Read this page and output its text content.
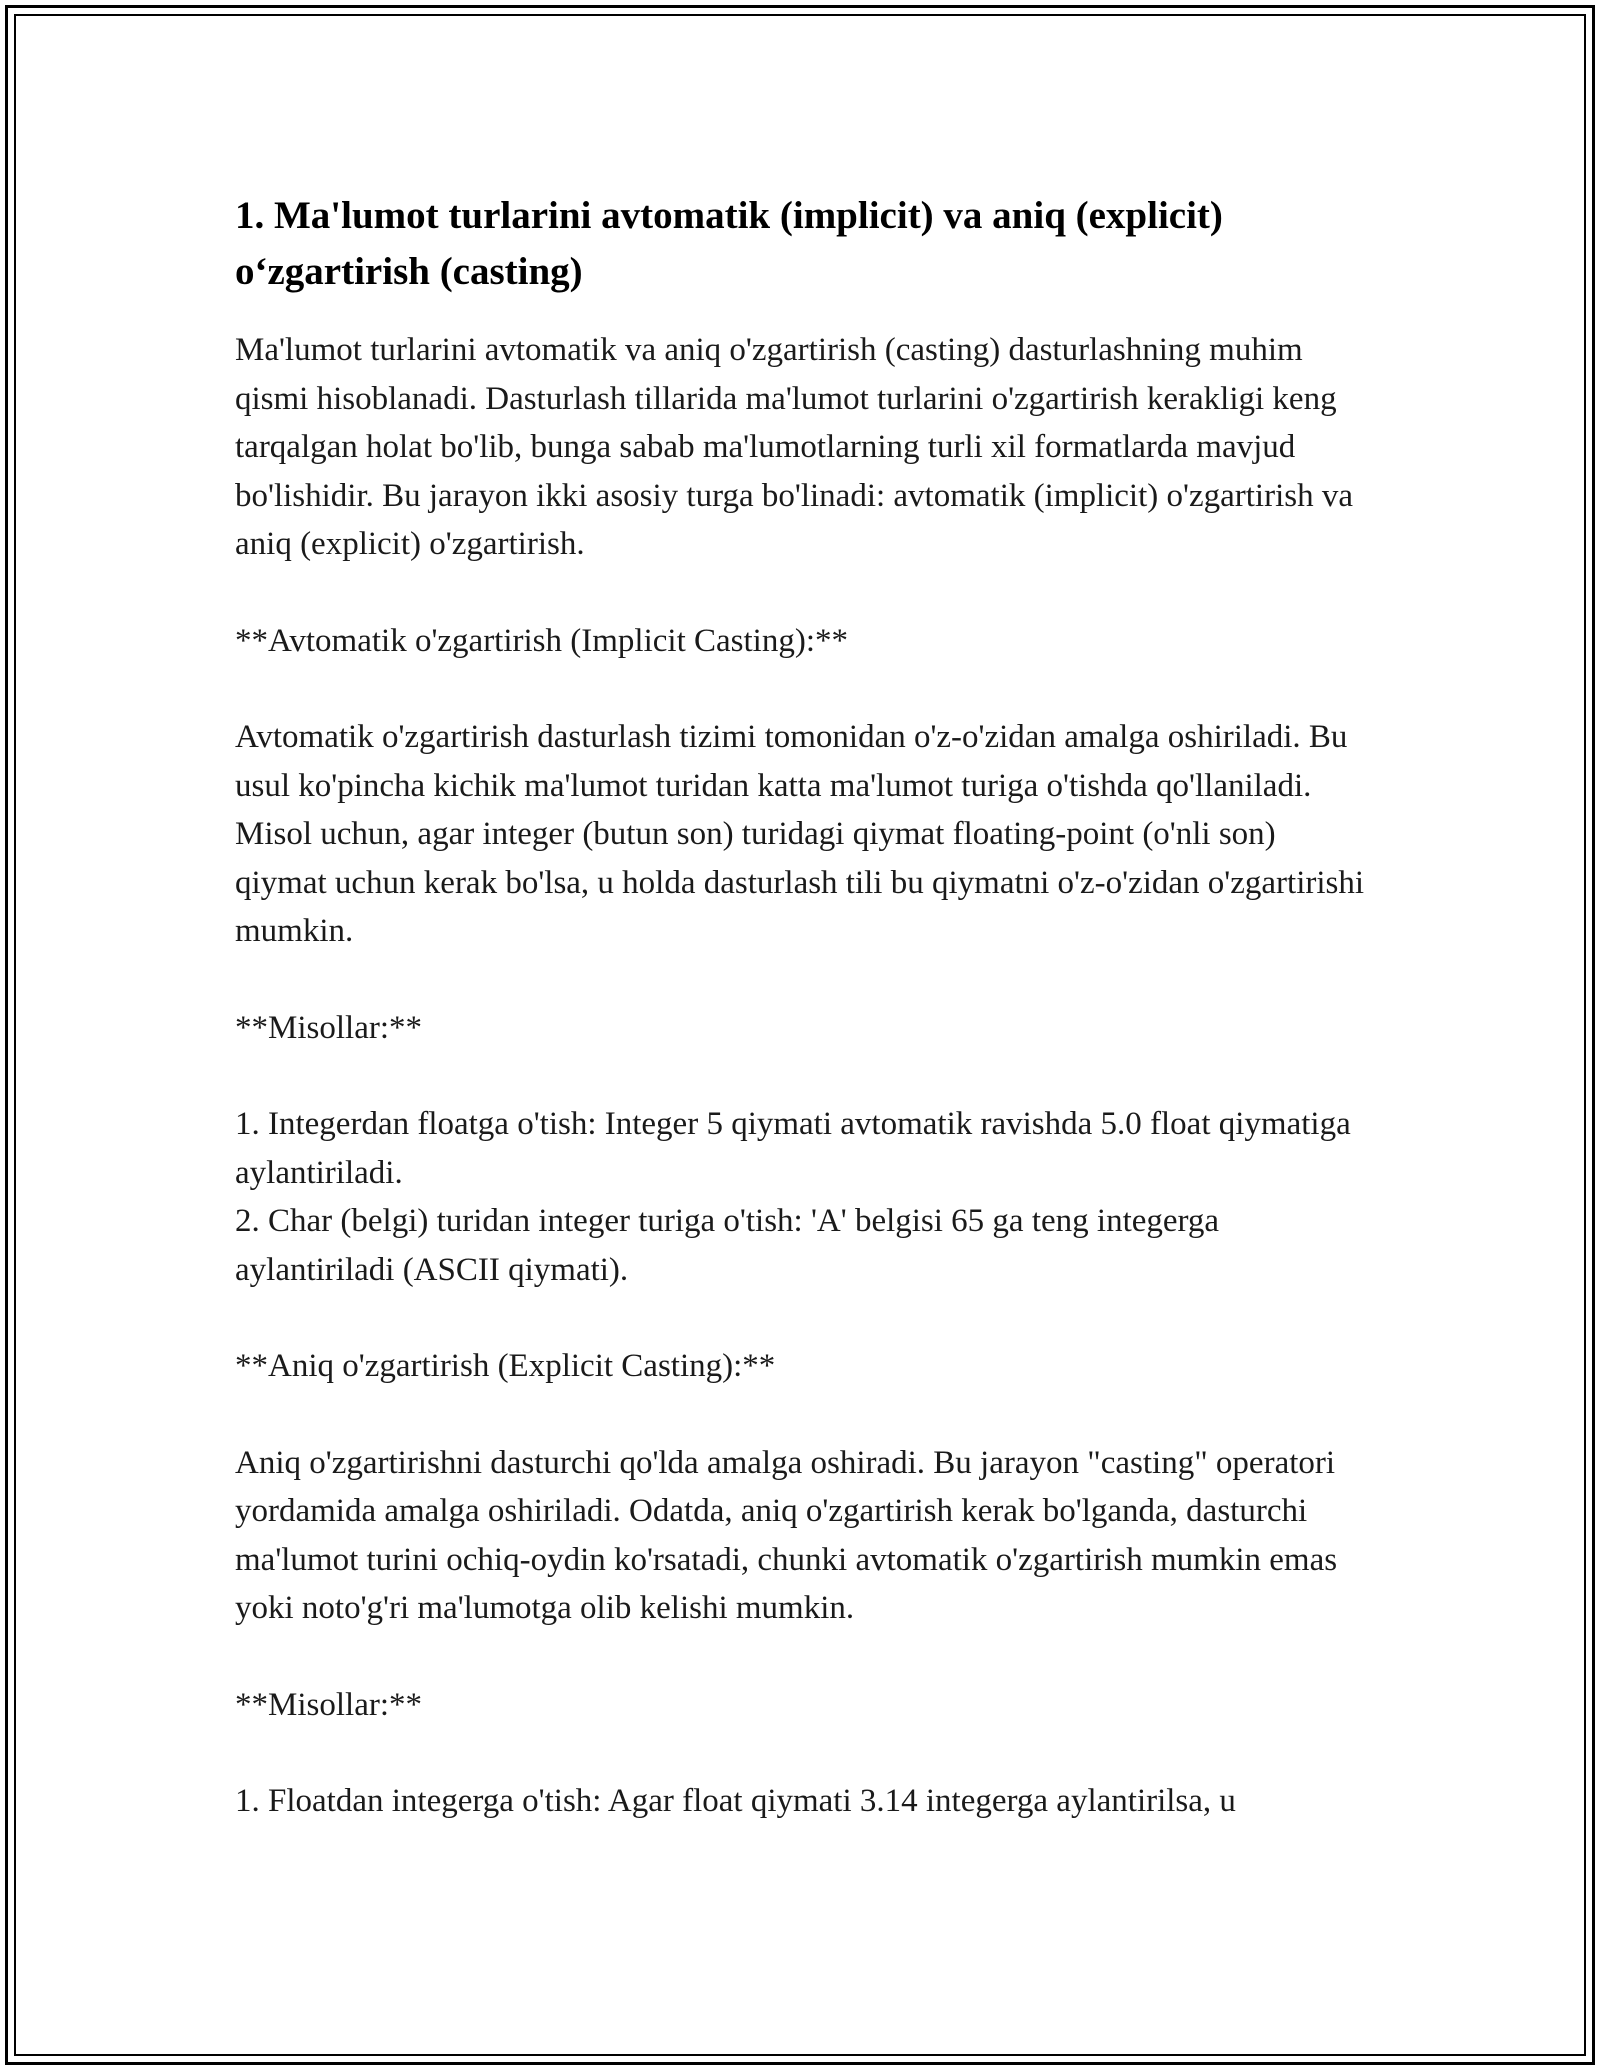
1. Ma'lumot turlarini avtomatik (implicit) va aniq (explicit) o‘zgartirish (casting)

Ma'lumot turlarini avtomatik va aniq o'zgartirish (casting) dasturlashning muhim qismi hisoblanadi. Dasturlash tillarida ma'lumot turlarini o'zgartirish kerakligi keng tarqalgan holat bo'lib, bunga sabab ma'lumotlarning turli xil formatlarda mavjud bo'lishidir. Bu jarayon ikki asosiy turga bo'linadi: avtomatik (implicit) o'zgartirish va aniq (explicit) o'zgartirish.

**Avtomatik o'zgartirish (Implicit Casting):**

Avtomatik o'zgartirish dasturlash tizimi tomonidan o'z-o'zidan amalga oshiriladi. Bu usul ko'pincha kichik ma'lumot turidan katta ma'lumot turiga o'tishda qo'llaniladi. Misol uchun, agar integer (butun son) turidagi qiymat floating-point (o'nli son) qiymat uchun kerak bo'lsa, u holda dasturlash tili bu qiymatni o'z-o'zidan o'zgartirishi mumkin.

**Misollar:**

1. Integerdan floatga o'tish: Integer 5 qiymati avtomatik ravishda 5.0 float qiymatiga aylantiriladi.

2. Char (belgi) turidan integer turiga o'tish: 'A' belgisi 65 ga teng integerga aylantiriladi (ASCII qiymati).

**Aniq o'zgartirish (Explicit Casting):**

Aniq o'zgartirishni dasturchi qo'lda amalga oshiradi. Bu jarayon "casting" operatori yordamida amalga oshiriladi. Odatda, aniq o'zgartirish kerak bo'lganda, dasturchi ma'lumot turini ochiq-oydin ko'rsatadi, chunki avtomatik o'zgartirish mumkin emas yoki noto'g'ri ma'lumotga olib kelishi mumkin.

**Misollar:**

1. Floatdan integerga o'tish: Agar float qiymati 3.14 integerga aylantirilsa, u
